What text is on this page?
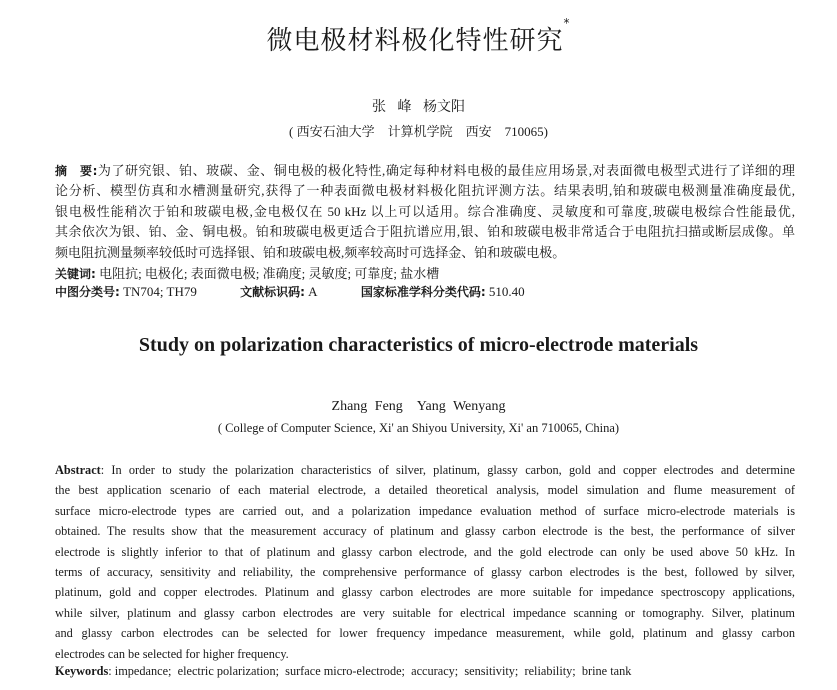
微电极材料极化特性研究*
张 峰 杨文阳
( 西安石油大学　计算机学院　西安　710065)
摘　要:为了研究银、铂、玻碳、金、铜电极的极化特性,确定每种材料电极的最佳应用场景,对表面微电极型式进行了详细的理
论分析、模型仿真和水槽测量研究,获得了一种表面微电极材料极化阻抗评测方法。结果表明,铂和玻碳电极测量准确度最优,
银电极性能稍次于铂和玻碳电极,金电极仅在 50 kHz 以上可以适用。综合准确度、灵敏度和可靠度,玻碳电极综合性能最优,
其余依次为银、铂、金、铜电极。铂和玻碳电极更适合于阻抗谱应用,银、铂和玻碳电极非常适合于电阻抗扫描或断层成像。单
频电阻抗测量频率较低时可选择银、铂和玻碳电极,频率较高时可选择金、铂和玻碳电极。
关键词: 电阻抗; 电极化; 表面微电极; 准确度; 灵敏度; 可靠度; 盐水槽
中图分类号: TN704; TH79	文献标识码: A	国家标准学科分类代码: 510.40
Study on polarization characteristics of micro-electrode materials
Zhang Feng　Yang Wenyang
( College of Computer Science, Xi' an Shiyou University, Xi' an 710065, China)
Abstract: In order to study the polarization characteristics of silver, platinum, glassy carbon, gold and copper electrodes and determine
the best application scenario of each material electrode, a detailed theoretical analysis, model simulation and flume measurement of
surface micro-electrode types are carried out, and a polarization impedance evaluation method of surface micro-electrode materials is
obtained. The results show that the measurement accuracy of platinum and glassy carbon electrode is the best, the performance of silver
electrode is slightly inferior to that of platinum and glassy carbon electrode, and the gold electrode can only be used above 50 kHz. In
terms of accuracy, sensitivity and reliability, the comprehensive performance of glassy carbon electrodes is the best, followed by silver,
platinum, gold and copper electrodes. Platinum and glassy carbon electrodes are more suitable for impedance spectroscopy applications,
while silver, platinum and glassy carbon electrodes are very suitable for electrical impedance scanning or tomography. Silver, platinum
and glassy carbon electrodes can be selected for lower frequency impedance measurement, while gold, platinum and glassy carbon
electrodes can be selected for higher frequency.
Keywords: impedance;  electric polarization;  surface micro-electrode;  accuracy;  sensitivity;  reliability;  brine tank
